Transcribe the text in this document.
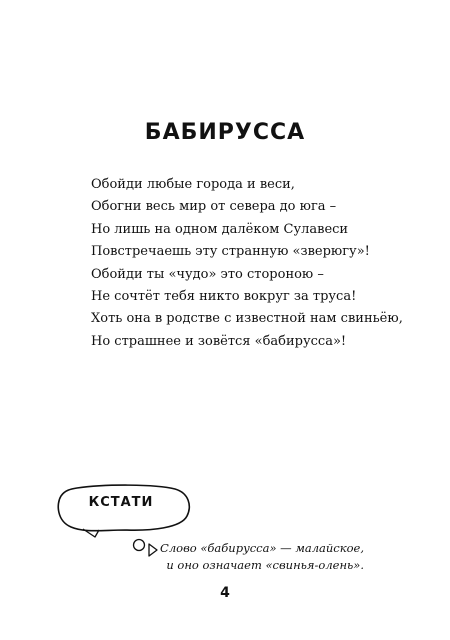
БАБИРУССА
Обойди любые города и веси,
Обогни весь мир от севера до юга –
Но лишь на одном далёком Сулавеси
Повстречаешь эту странную «зверюгу»!
Обойди ты «чудо» это стороною –
Не сочтёт тебя никто вокруг за труса!
Хоть она в родстве с известной нам свиньёю,
Но страшнее и зовётся «бабирусса»!
КСТАТИ
Слово «бабирусса» — малайское,
и оно означает «свинья-олень».
4
